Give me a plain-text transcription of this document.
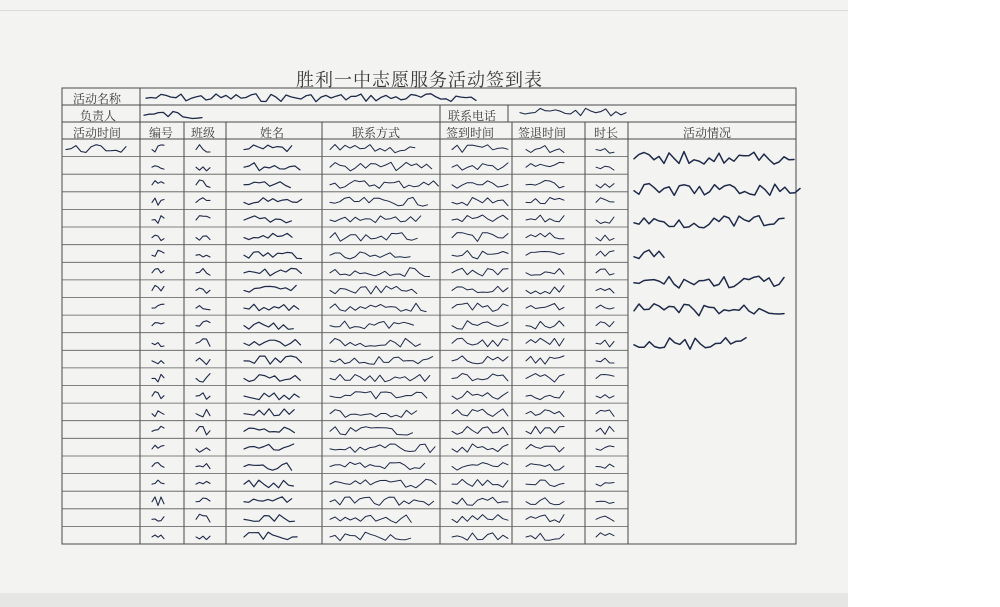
胜利一中志愿服务活动签到表
活动名称
负责人	联系电话
活动时间 编号 班级	姓名	联系方式	签到时间 签退时间 时长	活动情况
